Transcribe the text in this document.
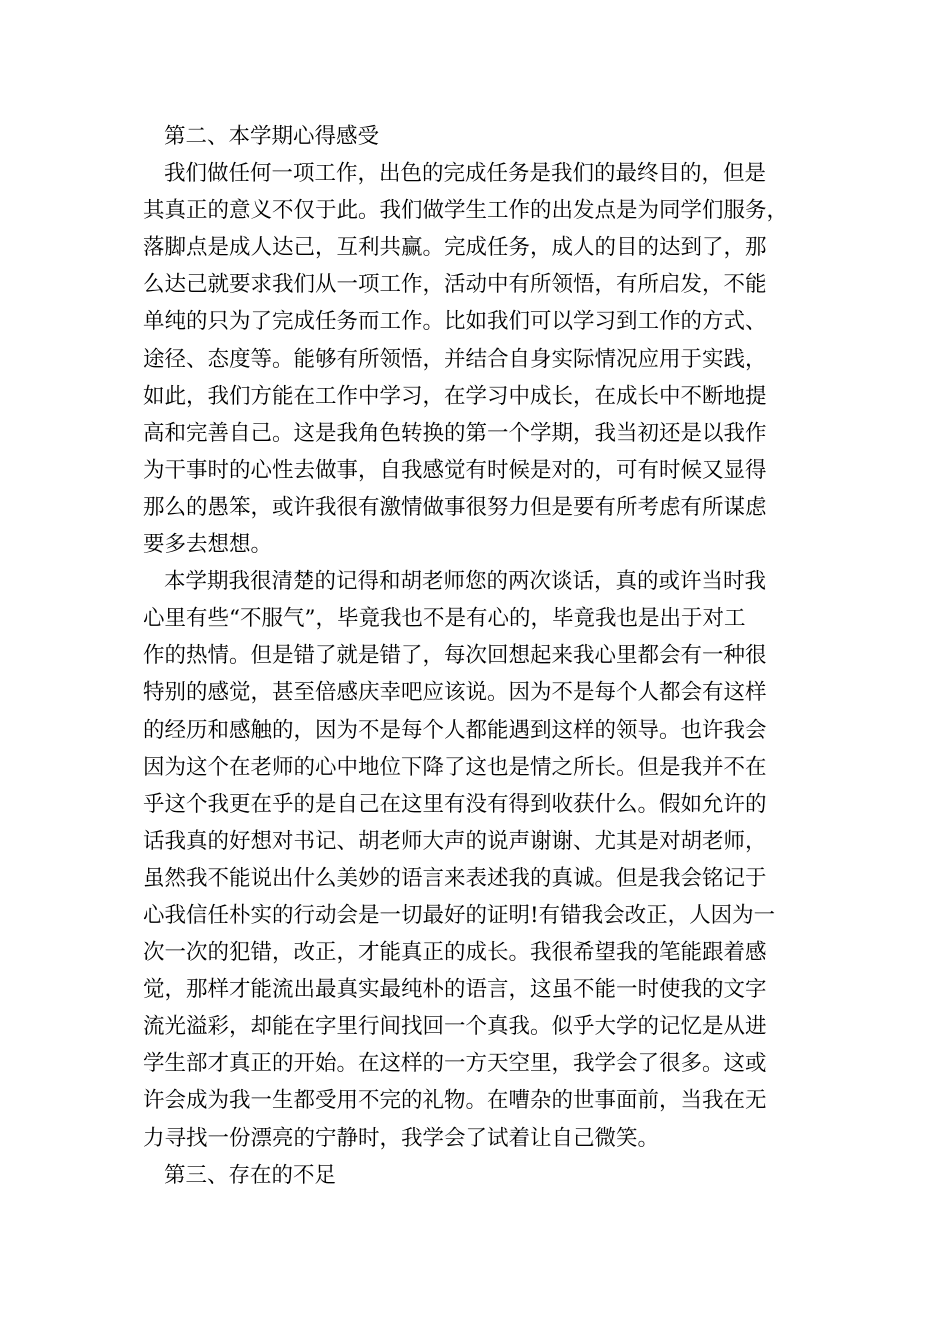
第二、本学期心得感受
我们做任何一项工作，出色的完成任务是我们的最终目的，但是
其真正的意义不仅于此。我们做学生工作的出发点是为同学们服务，
落脚点是成人达己，互利共赢。完成任务，成人的目的达到了，那
么达己就要求我们从一项工作，活动中有所领悟，有所启发，不能
单纯的只为了完成任务而工作。比如我们可以学习到工作的方式、
途径、态度等。能够有所领悟，并结合自身实际情况应用于实践，
如此，我们方能在工作中学习，在学习中成长，在成长中不断地提
高和完善自己。这是我角色转换的第一个学期，我当初还是以我作
为干事时的心性去做事，自我感觉有时候是对的，可有时候又显得
那么的愚笨，或许我很有激情做事很努力但是要有所考虑有所谋虑
要多去想想。
本学期我很清楚的记得和胡老师您的两次谈话，真的或许当时我
心里有些“不服气”，毕竟我也不是有心的，毕竟我也是出于对工
作的热情。但是错了就是错了，每次回想起来我心里都会有一种很
特别的感觉，甚至倍感庆幸吧应该说。因为不是每个人都会有这样
的经历和感触的，因为不是每个人都能遇到这样的领导。也许我会
因为这个在老师的心中地位下降了这也是情之所长。但是我并不在
乎这个我更在乎的是自己在这里有没有得到收获什么。假如允许的
话我真的好想对书记、胡老师大声的说声谢谢、尤其是对胡老师，
虽然我不能说出什么美妙的语言来表述我的真诚。但是我会铭记于
心我信任朴实的行动会是一切最好的证明!有错我会改正，人因为一
次一次的犯错，改正，才能真正的成长。我很希望我的笔能跟着感
觉，那样才能流出最真实最纯朴的语言，这虽不能一时使我的文字
流光溢彩，却能在字里行间找回一个真我。似乎大学的记忆是从进
学生部才真正的开始。在这样的一方天空里，我学会了很多。这或
许会成为我一生都受用不完的礼物。在嘈杂的世事面前，当我在无
力寻找一份漂亮的宁静时，我学会了试着让自己微笑。
第三、存在的不足
